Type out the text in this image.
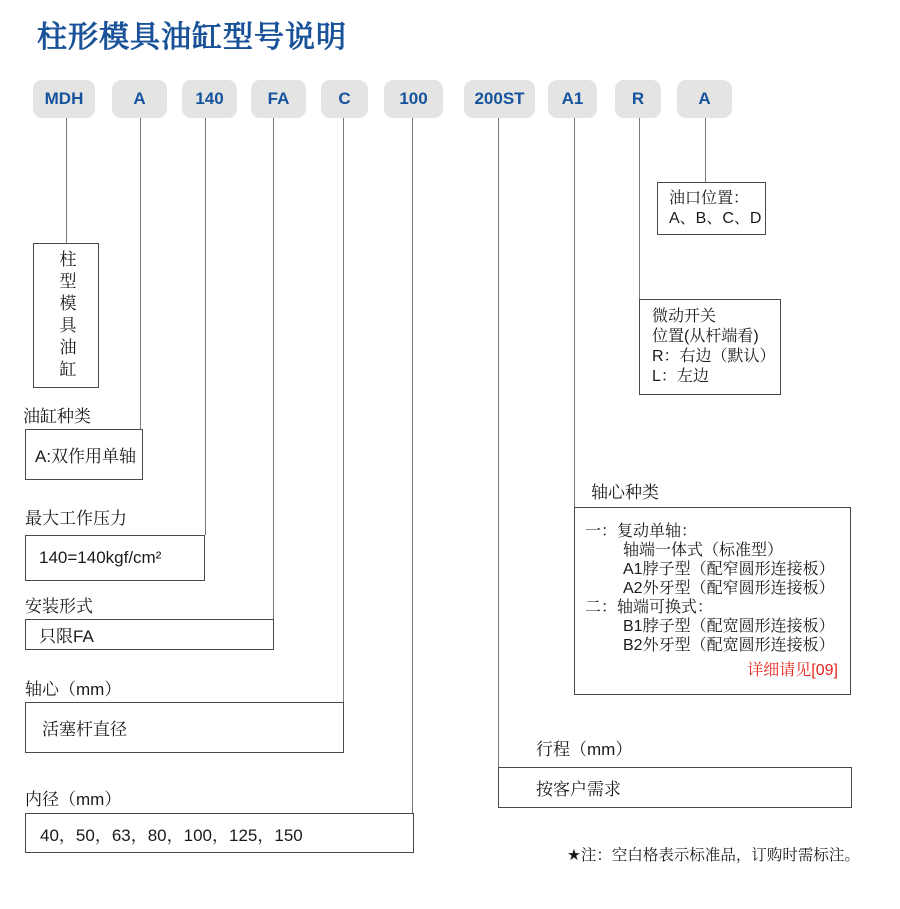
柱形模具油缸型号说明
MDH	A	140	FA	C	100	200ST	A1	R	A
柱型模具油缸
油缸种类
A:双作用单轴
最大工作压力
140=140kgf/cm²
安装形式
只限FA
轴心（mm）
活塞杆直径
内径（mm）
40，50，63，80，100，125，150
油口位置：
A、B、C、D
微动开关
位置(从杆端看)
R：右边（默认）
L：左边
轴心种类
一：复动单轴：
轴端一体式（标准型）
A1脖子型（配窄圆形连接板）
A2外牙型（配窄圆形连接板）
二：轴端可换式：
B1脖子型（配宽圆形连接板）
B2外牙型（配宽圆形连接板）
详细请见[09]
行程（mm）
按客户需求
★注：空白格表示标准品，订购时需标注。
